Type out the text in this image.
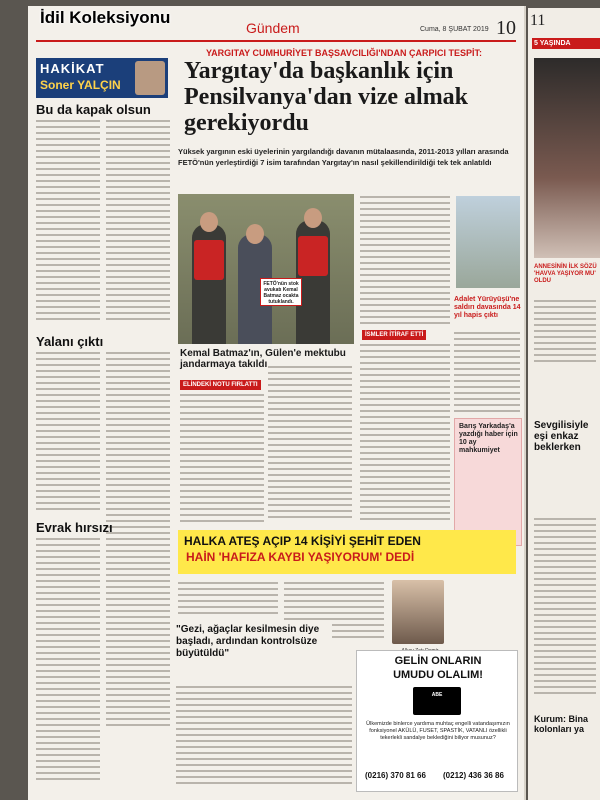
İdil Koleksiyonu
Gündem	Cuma, 8 ŞUBAT 2019 10
HAKİKAT
Soner YALÇIN
Bu da kapak olsun
Yalanı çıktı
Evrak hırsızı
YARGITAY CUMHURİYET BAŞSAVCILIĞI'NDAN ÇARPICI TESPİT:
Yargıtay'da başkanlık için Pensilvanya'dan vize almak gerekiyordu
Yüksek yargının eski üyelerinin yargılandığı davanın mütalaasında, 2011-2013 yılları arasında FETÖ'nün yerleştirdiği 7 isim tarafından Yargıtay'ın nasıl şekillendirildiği tek tek anlatıldı
FETÖ'nün stok avukatı Kemal Batmaz ocakta tutuklandı.
Kemal Batmaz'ın, Gülen'e mektubu jandarmaya takıldı
ELİNDEKİ NOTU FIRLATTI
İSMLER İTİRAF ETTİ
Adalet Yürüyüşü'ne saldırı davasında 14 yıl hapis çıktı
Barış Yarkadaş'a yazdığı haber için 10 ay mahkumiyet
HALKA ATEŞ AÇIP 14 KİŞİYİ ŞEHİT EDEN
HAİN 'HAFIZA KAYBI YAŞIYORUM' DEDİ
"Gezi, ağaçlar kesilmesin diye başladı, ardından kontrolsüze büyütüldü"
GELİN ONLARIN
UMUDU OLALIM!
ABE
Ülkemizde binlerce yardıma muhtaç engelli vatandaşımızın fonksiyonel AKÜLÜ, FUSET, SPASTİK, VATANLI özellikli tekerlekli sandalye beklediğini biliyor musunuz?
(0216) 370 81 66 (0212) 436 36 86
11
5 YAŞINDA
ANNESİNİN İLK SÖZÜ 'HAVVA YAŞIYOR MU' OLDU
Sevgilisiyle eşi enkaz beklerken
Kurum: Bina kolonları ya
